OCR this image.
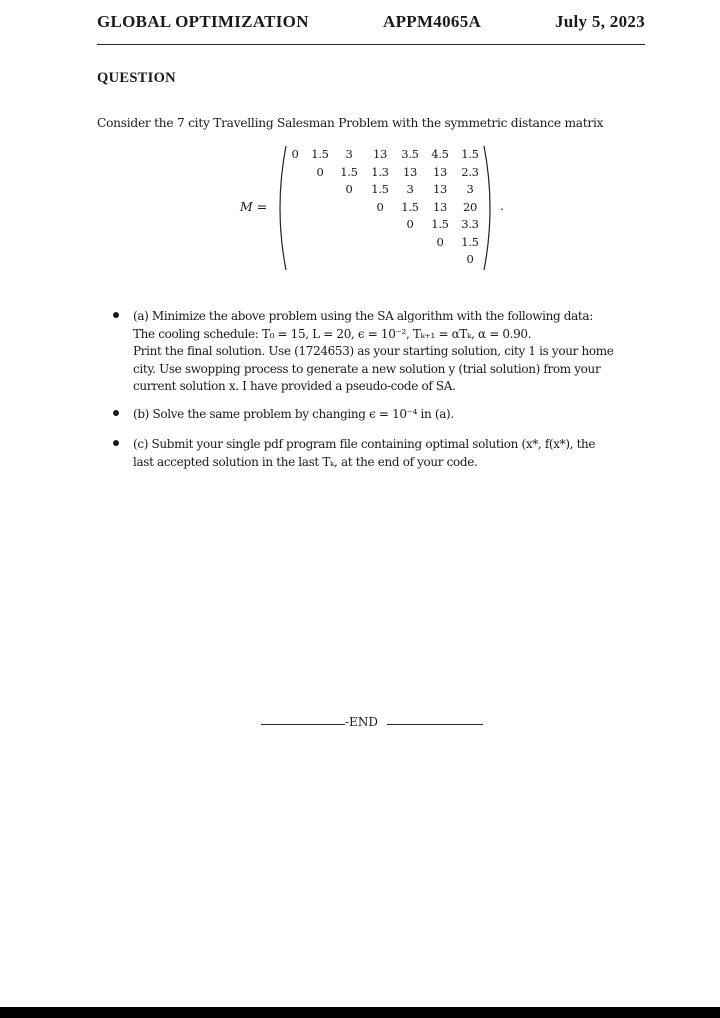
GLOBAL OPTIMIZATION	APPM4065A	July 5, 2023
QUESTION
Consider the 7 city Travelling Salesman Problem with the symmetric distance matrix
M =
0 1.5 3 13 3.5 4.5 1.5
0 1.5 1.3 13 13 2.3
0 1.5 3 13 3
0 1.5 13 20
0 1.5 3.3
0 1.5
0
.
(a) Minimize the above problem using the SA algorithm with the following data:
The cooling schedule: T₀ = 15, L = 20, ϵ = 10⁻², Tₖ₊₁ = αTₖ, α = 0.90.
Print the final solution. Use (1724653) as your starting solution, city 1 is your home
city. Use swopping process to generate a new solution y (trial solution) from your
current solution x. I have provided a pseudo-code of SA.
(b) Solve the same problem by changing ϵ = 10⁻⁴ in (a).
(c) Submit your single pdf program file containing optimal solution (x*, f(x*), the
last accepted solution in the last Tₖ, at the end of your code.
-END
